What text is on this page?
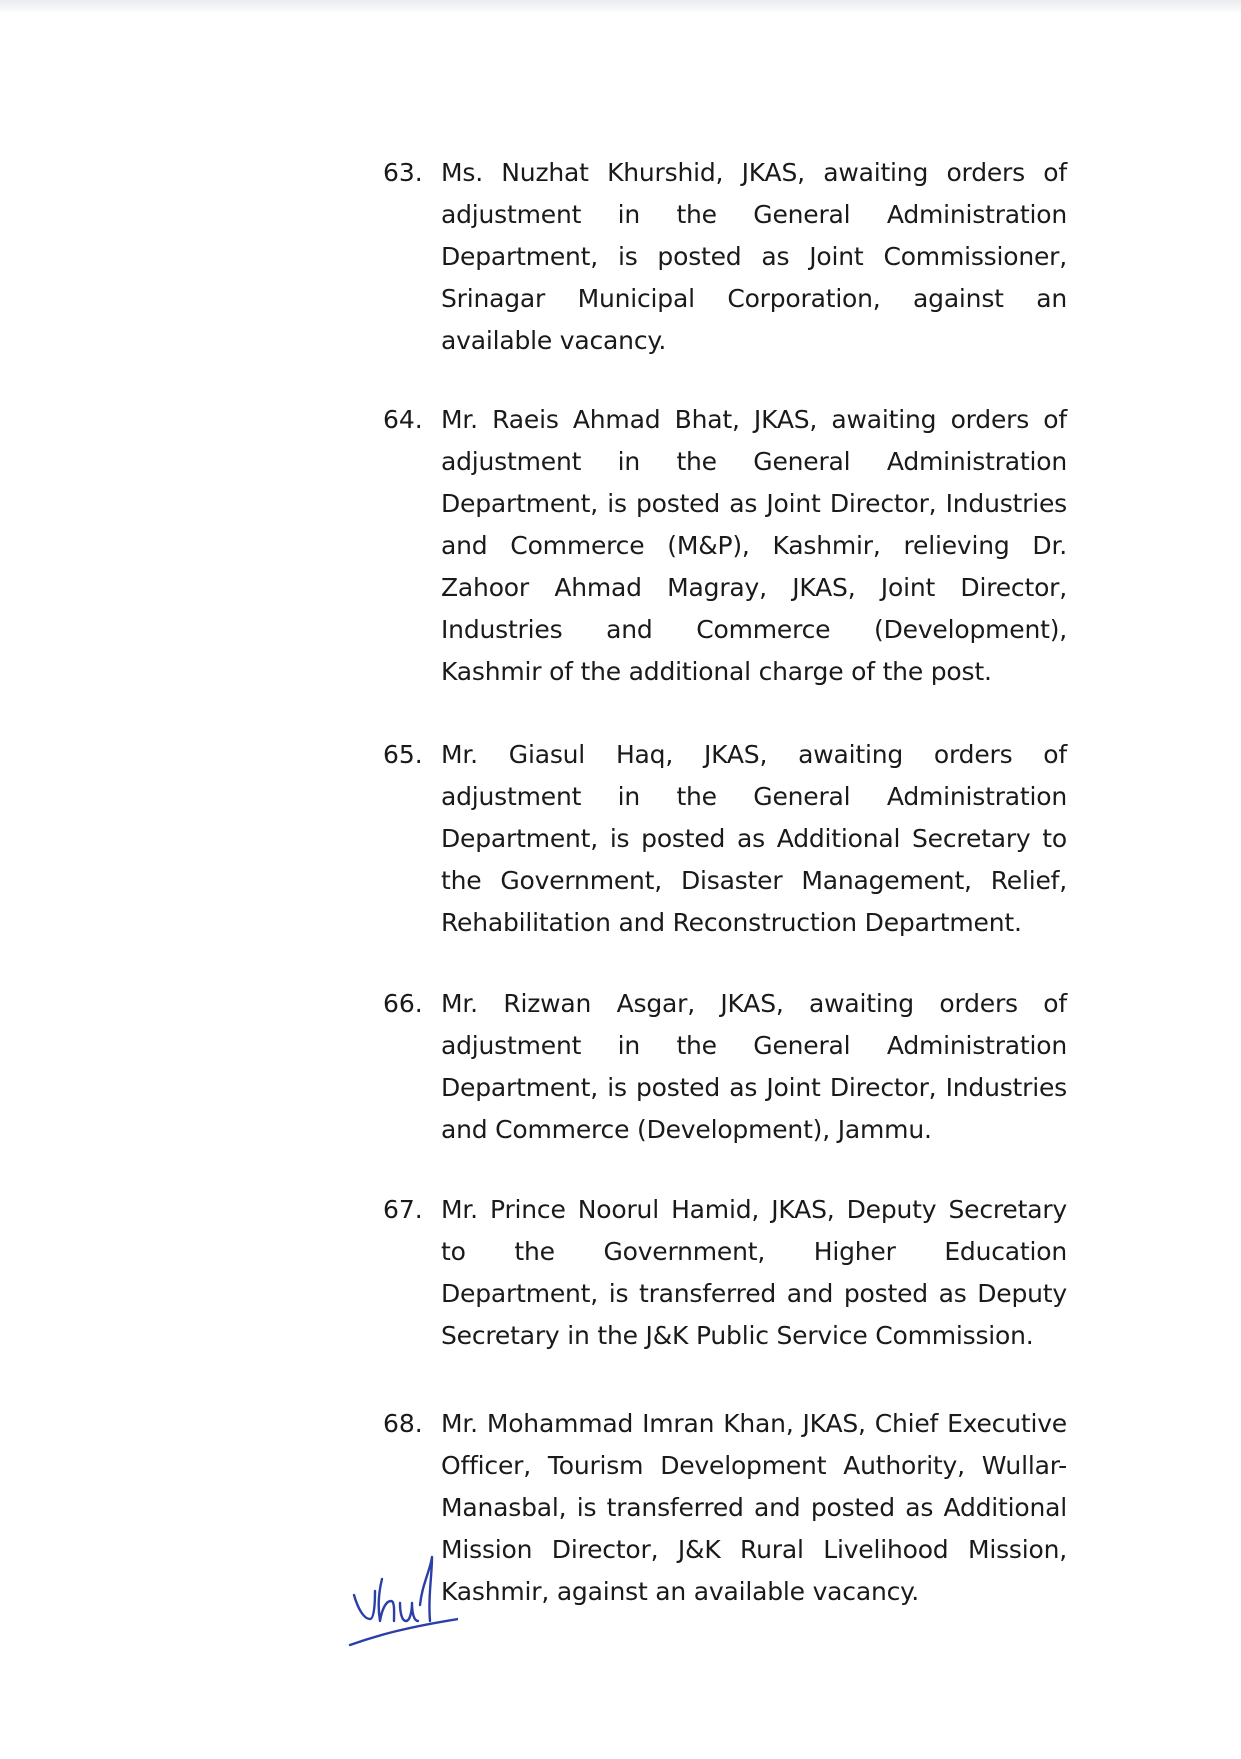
63. Ms. Nuzhat Khurshid, JKAS, awaiting orders of adjustment in the General Administration Department, is posted as Joint Commissioner, Srinagar Municipal Corporation, against an available vacancy.
64. Mr. Raeis Ahmad Bhat, JKAS, awaiting orders of adjustment in the General Administration Department, is posted as Joint Director, Industries and Commerce (M&P), Kashmir, relieving Dr. Zahoor Ahmad Magray, JKAS, Joint Director, Industries and Commerce (Development), Kashmir of the additional charge of the post.
65. Mr. Giasul Haq, JKAS, awaiting orders of adjustment in the General Administration Department, is posted as Additional Secretary to the Government, Disaster Management, Relief, Rehabilitation and Reconstruction Department.
66. Mr. Rizwan Asgar, JKAS, awaiting orders of adjustment in the General Administration Department, is posted as Joint Director, Industries and Commerce (Development), Jammu.
67. Mr. Prince Noorul Hamid, JKAS, Deputy Secretary to the Government, Higher Education Department, is transferred and posted as Deputy Secretary in the J&K Public Service Commission.
68. Mr. Mohammad Imran Khan, JKAS, Chief Executive Officer, Tourism Development Authority, Wullar-Manasbal, is transferred and posted as Additional Mission Director, J&K Rural Livelihood Mission, Kashmir, against an available vacancy.
